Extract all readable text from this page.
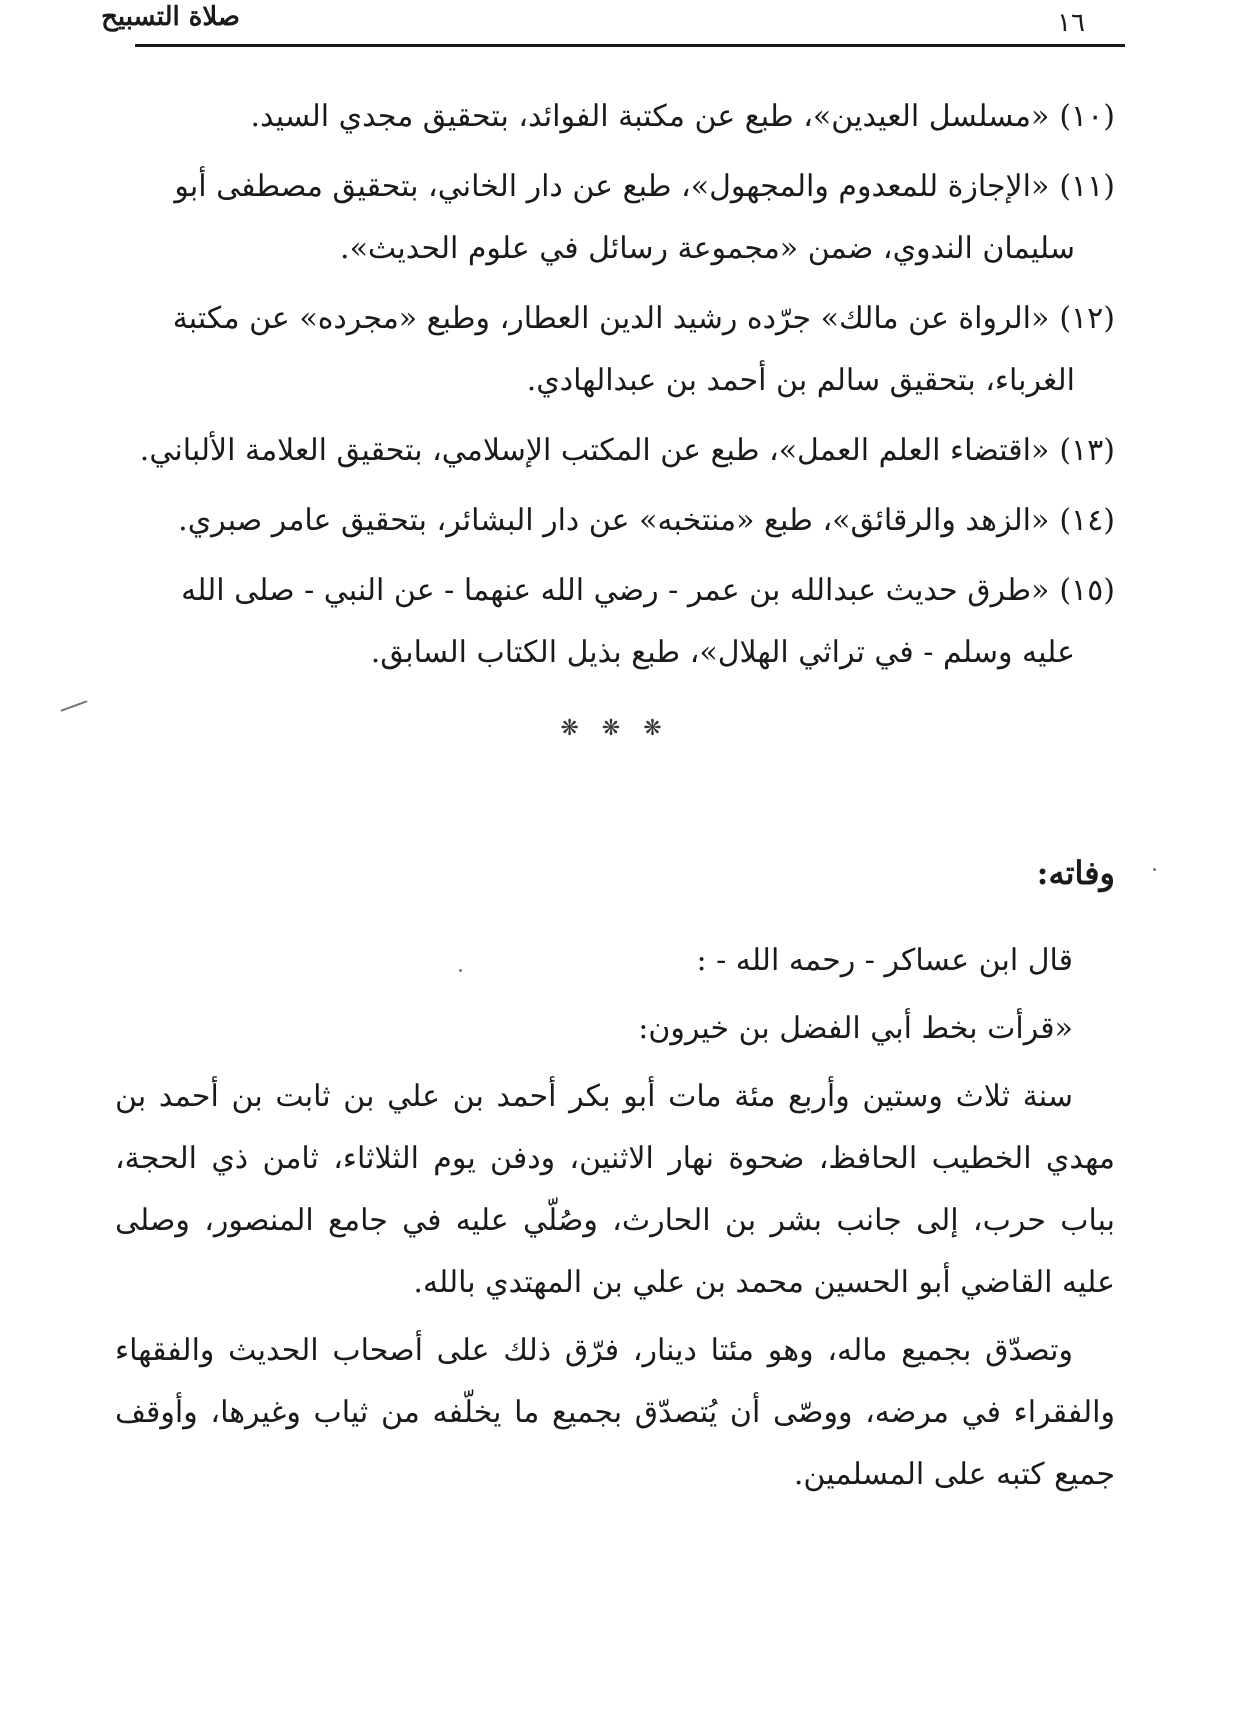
صلاة التسبيح	١٦
(١٠)«مسلسل العيدين»، طبع عن مكتبة الفوائد، بتحقيق مجدي السيد.
(١١)«الإجازة للمعدوم والمجهول»، طبع عن دار الخاني، بتحقيق مصطفى أبو
سليمان الندوي، ضمن «مجموعة رسائل في علوم الحديث».
(١٢)«الرواة عن مالك» جرّده رشيد الدين العطار، وطبع «مجرده» عن مكتبة
الغرباء، بتحقيق سالم بن أحمد بن عبدالهادي.
(١٣)«اقتضاء العلم العمل»، طبع عن المكتب الإسلامي، بتحقيق العلامة الألباني.
(١٤)«الزهد والرقائق»، طبع «منتخبه» عن دار البشائر، بتحقيق عامر صبري.
(١٥)«طرق حديث عبدالله بن عمر - رضي الله عنهما - عن النبي - صلى الله
عليه وسلم - في تراثي الهلال»، طبع بذيل الكتاب السابق.
❋ ❋ ❋
وفاته:
قال ابن عساكر - رحمه الله - :
«قرأت بخط أبي الفضل بن خيرون:
سنة ثلاث وستين وأربع مئة مات أبو بكر أحمد بن علي بن ثابت بن أحمد بن مهدي الخطيب الحافظ، ضحوة نهار الاثنين، ودفن يوم الثلاثاء، ثامن ذي الحجة، بباب حرب، إلى جانب بشر بن الحارث، وصُلّي عليه في جامع المنصور، وصلى عليه القاضي أبو الحسين محمد بن علي بن المهتدي بالله.
وتصدّق بجميع ماله، وهو مئتا دينار، فرّق ذلك على أصحاب الحديث والفقهاء والفقراء في مرضه، ووصّى أن يُتصدّق بجميع ما يخلّفه من ثياب وغيرها، وأوقف جميع كتبه على المسلمين.
